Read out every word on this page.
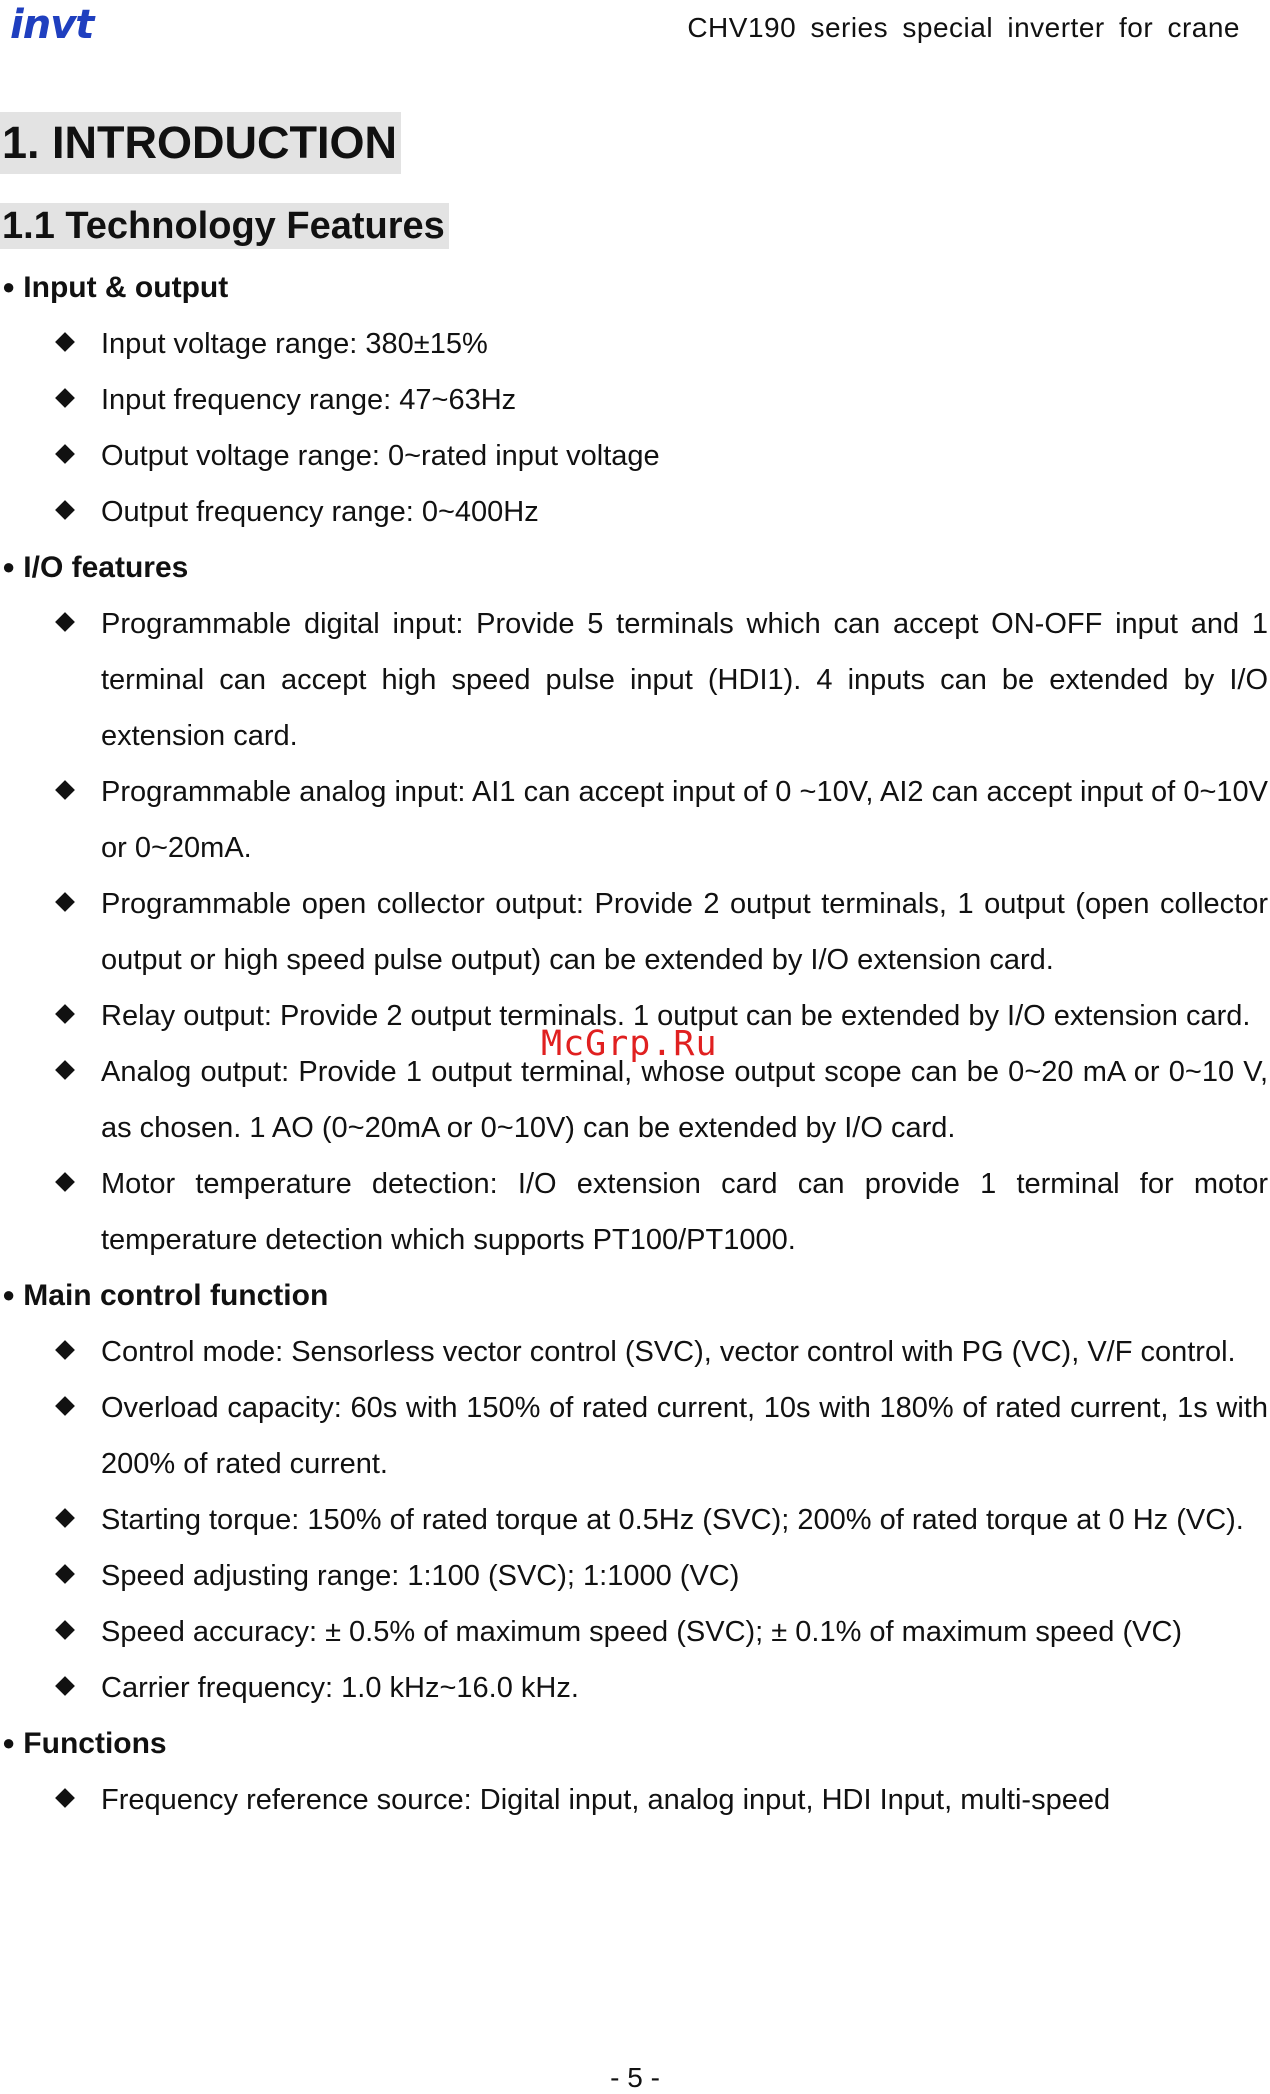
invt	CHV190 series special inverter for crane
1. INTRODUCTION
1.1 Technology Features
● Input & output
Input voltage range: 380±15%
Input frequency range: 47~63Hz
Output voltage range: 0~rated input voltage
Output frequency range: 0~400Hz
● I/O features
Programmable digital input: Provide 5 terminals which can accept ON-OFF input and 1 terminal can accept high speed pulse input (HDI1). 4 inputs can be extended by I/O extension card.
Programmable analog input: AI1 can accept input of 0 ~10V, AI2 can accept input of 0~10V or 0~20mA.
Programmable open collector output: Provide 2 output terminals, 1 output (open collector output or high speed pulse output) can be extended by I/O extension card.
Relay output: Provide 2 output terminals. 1 output can be extended by I/O extension card.
Analog output: Provide 1 output terminal, whose output scope can be 0~20 mA or 0~10 V, as chosen. 1 AO (0~20mA or 0~10V) can be extended by I/O card.
Motor temperature detection: I/O extension card can provide 1 terminal for motor temperature detection which supports PT100/PT1000.
● Main control function
Control mode: Sensorless vector control (SVC), vector control with PG (VC), V/F control.
Overload capacity: 60s with 150% of rated current, 10s with 180% of rated current, 1s with 200% of rated current.
Starting torque: 150% of rated torque at 0.5Hz (SVC); 200% of rated torque at 0 Hz (VC).
Speed adjusting range: 1:100 (SVC); 1:1000 (VC)
Speed accuracy: ± 0.5% of maximum speed (SVC); ± 0.1% of maximum speed (VC)
Carrier frequency: 1.0 kHz~16.0 kHz.
● Functions
Frequency reference source: Digital input, analog input, HDI Input, multi-speed
McGrp.Ru
- 5 -
